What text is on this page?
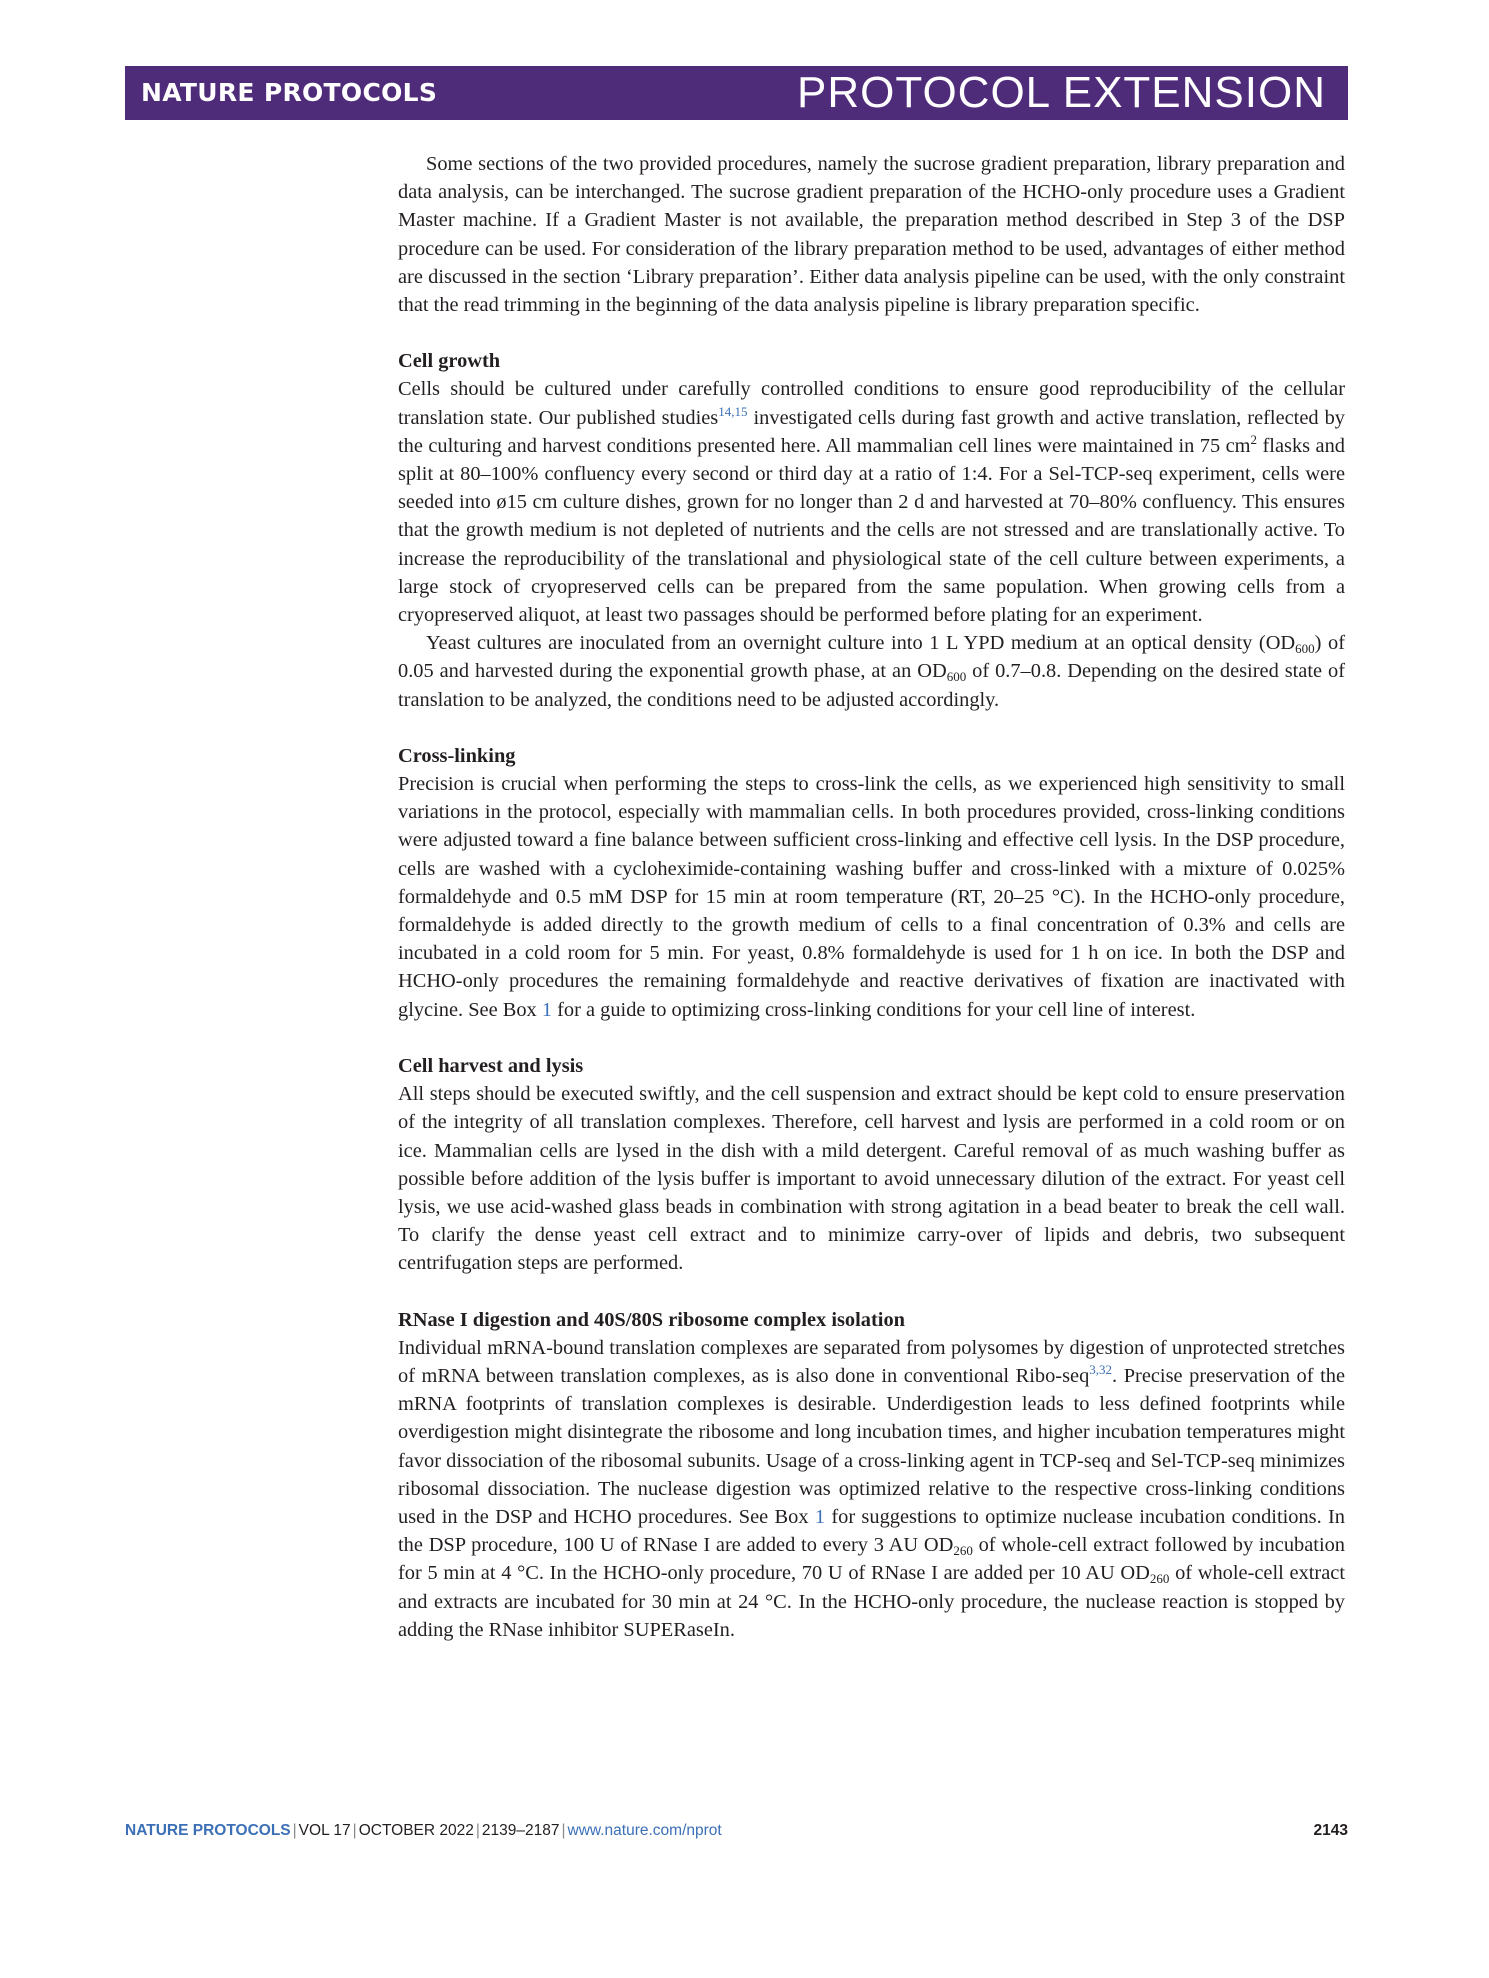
NATURE PROTOCOLS	PROTOCOL EXTENSION

Some sections of the two provided procedures, namely the sucrose gradient preparation, library preparation and data analysis, can be interchanged. The sucrose gradient preparation of the HCHO-only procedure uses a Gradient Master machine. If a Gradient Master is not available, the preparation method described in Step 3 of the DSP procedure can be used. For consideration of the library preparation method to be used, advantages of either method are discussed in the section ‘Library preparation’. Either data analysis pipeline can be used, with the only constraint that the read trimming in the beginning of the data analysis pipeline is library preparation specific.

Cell growth

Cells should be cultured under carefully controlled conditions to ensure good reproducibility of the cellular translation state. Our published studies$^{14,15}$ investigated cells during fast growth and active translation, reflected by the culturing and harvest conditions presented here. All mammalian cell lines were maintained in 75 $cm^2$ flasks and split at 80–100% confluency every second or third day at a ratio of 1:4. For a Sel-TCP-seq experiment, cells were seeded into ø15 cm culture dishes, grown for no longer than 2 d and harvested at 70–80% confluency. This ensures that the growth medium is not depleted of nutrients and the cells are not stressed and are translationally active. To increase the reproducibility of the translational and physiological state of the cell culture between experiments, a large stock of cryopreserved cells can be prepared from the same population. When growing cells from a cryopreserved aliquot, at least two passages should be performed before plating for an experiment.

Yeast cultures are inoculated from an overnight culture into 1 L YPD medium at an optical density $(OD_{600})$ of 0.05 and harvested during the exponential growth phase, at an $OD_{600}$ of 0.7–0.8. Depending on the desired state of translation to be analyzed, the conditions need to be adjusted accordingly.

Cross-linking

Precision is crucial when performing the steps to cross-link the cells, as we experienced high sensitivity to small variations in the protocol, especially with mammalian cells. In both procedures provided, cross-linking conditions were adjusted toward a fine balance between sufficient cross-linking and effective cell lysis. In the DSP procedure, cells are washed with a cycloheximide-containing washing buffer and cross-linked with a mixture of 0.025% formaldehyde and 0.5 mM DSP for 15 min at room temperature (RT, 20–25 °C). In the HCHO-only procedure, formaldehyde is added directly to the growth medium of cells to a final concentration of 0.3% and cells are incubated in a cold room for 5 min. For yeast, 0.8% formaldehyde is used for 1 h on ice. In both the DSP and HCHO-only procedures the remaining formaldehyde and reactive derivatives of fixation are inactivated with glycine. See Box 1 for a guide to optimizing cross-linking conditions for your cell line of interest.

Cell harvest and lysis

All steps should be executed swiftly, and the cell suspension and extract should be kept cold to ensure preservation of the integrity of all translation complexes. Therefore, cell harvest and lysis are performed in a cold room or on ice. Mammalian cells are lysed in the dish with a mild detergent. Careful removal of as much washing buffer as possible before addition of the lysis buffer is important to avoid unnecessary dilution of the extract. For yeast cell lysis, we use acid-washed glass beads in combination with strong agitation in a bead beater to break the cell wall. To clarify the dense yeast cell extract and to minimize carry-over of lipids and debris, two subsequent centrifugation steps are performed.

RNase I digestion and 40S/80S ribosome complex isolation

Individual mRNA-bound translation complexes are separated from polysomes by digestion of unprotected stretches of mRNA between translation complexes, as is also done in conventional Ribo-seq$^{3,32}$. Precise preservation of the mRNA footprints of translation complexes is desirable. Underdigestion leads to less defined footprints while overdigestion might disintegrate the ribosome and long incubation times, and higher incubation temperatures might favor dissociation of the ribosomal subunits. Usage of a cross-linking agent in TCP-seq and Sel-TCP-seq minimizes ribosomal dissociation. The nuclease digestion was optimized relative to the respective cross-linking conditions used in the DSP and HCHO procedures. See Box 1 for suggestions to optimize nuclease incubation conditions. In the DSP procedure, 100 U of RNase I are added to every 3 AU $OD_{260}$ of whole-cell extract followed by incubation for 5 min at 4 °C. In the HCHO-only procedure, 70 U of RNase I are added per 10 AU $OD_{260}$ of whole-cell extract and extracts are incubated for 30 min at 24 °C. In the HCHO-only procedure, the nuclease reaction is stopped by adding the RNase inhibitor SUPERaseIn.

NATURE PROTOCOLS | VOL 17 | OCTOBER 2022 | 2139–2187 | www.nature.com/nprot	2143
